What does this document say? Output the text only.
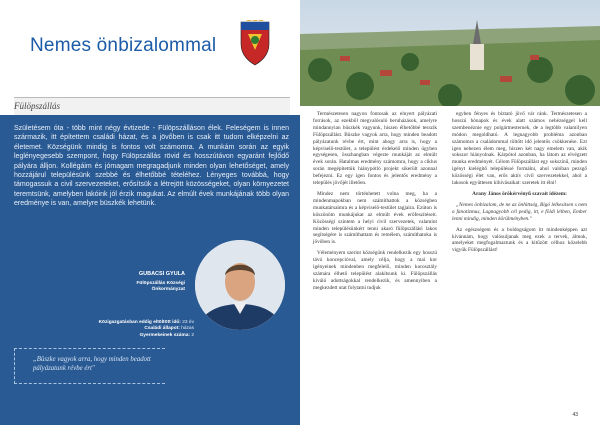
Nemes önbizalommal
Fülöpszállás

Születésem óta - több mint négy évtizede - Fülöpszálláson élek. Feleségem is innen származik, itt építettem családi házat, és a jövőben is csak itt tudom elképzelni az életemet. Községünk mindig is fontos volt számomra. A munkám során az egyik leglényegesebb szempont, hogy Fülöpszállás rövid és hosszútávon egyaránt fejlődő pályára álljon. Kollégáim és jómagam megragadjunk minden olyan lehetőséget, amely hozzájárul településünk szebbé és élhetőbbé tételéhez. Lényeges továbbá, hogy támogassuk a civil szervezeteket, erősítsük a létrejött közösségeket, olyan környezetet teremtsünk, amelyben lakóink jól érzik magukat. Az elmúlt évek munkájának több olyan eredménye is van, amelyre büszkék lehetünk.

GUBACSI GYULA
Fülöpszállás Községi Önkormányzat
Közigazgatásban eddig eltöltött idő: 23 év
Családi állapot: házas
Gyermekeinek száma: 2

„Büszke vagyok arra, hogy minden beadott pályázatunk révbe ért"

Természetesen nagyon fontosak az elnyert pályázati források, az ezekből megvalósuló beruházások, amelyre mindannyian büszkék vagyunk, hiszen élhetőbbé tesszik Fülöpszállást. Büszke vagyok arra, hogy minden beadott pályázatunk révbe ért, mint ahogy arra is, hogy a képviselő-testület, a települést érdekelő minden ügyben egységesen, összhangban végezte munkáját az elmúlt évek során. Hatalmas eredmény számomra, hogy a ciklus során megépítettük hiánypótló projekt sikerült azonnal befejezni. Ez egy igen fontos és jelentős eredmény a település jövőjét illetően.

Mindez nem történhetett volna meg, ha a mindenmapokban nem számíthattok a községben munkatársaimra és a képviselő-testület tagjaira. Ezúton is köszönöm munkájukat az elmúlt évek erőfeszítéseit. Közösségi szintem a helyi civil szervezetek, valamint minden településünkért tenni akaró fülöpszállási lakos segítségére is számíthattam és remélem, számíthatoka is jövőben is.

Véleményem szerint községünk rendelkezik egy hosszú távú koncepcióval, amely célja, hogy a mai kor igényeinek mindenben megfelelő, minden korosztály számára élhető települést alakítsunk ki. Fülöpszállás kiváló adottságokkal rendelkezik, és amennyiben a megkezdett utat folytatni tudjuk

egyben fényes és biztató jövő vár ránk. Természetesen a hosszú hónapok és évek alatt számos nehézséggel kell szembenéznie egy polgármesternek, de a legtöbb valamilyen módon megoldható. A legnagyobb probléma azonban számomra a családommal töltött idő jelentős csökkenése. Ezt igen nehezen élem meg, hiszen két nagy emelem van, akik sokszor hiányolnak. Kárpótol azonban, ha látom az elvégzett munka eredményét. Célom Fülöpszállást egy sokszínű, minden igényt kielégítő településsé formálni, ahol valóban pezsgő közösségi élet van, erős aktív civil szervezetekkel, ahol a lakosok együttesen kihívásaikat: szeretek itt élni!

Arany János örökérvényű szavait idézem:

„Nemes önbizalom, de ne az önhittség, Bígó lelkesítsen s nem a fanatizmus, Lagnagyobb cél pedig, itt, e földi létben, Ember lenni mindig, minden körülményben."

Az egészségem és a boldogságom itt mindenképpen azt kívánnám, hogy valósuljanak meg ezek a tervek, álmok, amelyeket megfogalmaztunk és a kitűzött célhoz közelebb vigyük Fülöpszállást!

43
